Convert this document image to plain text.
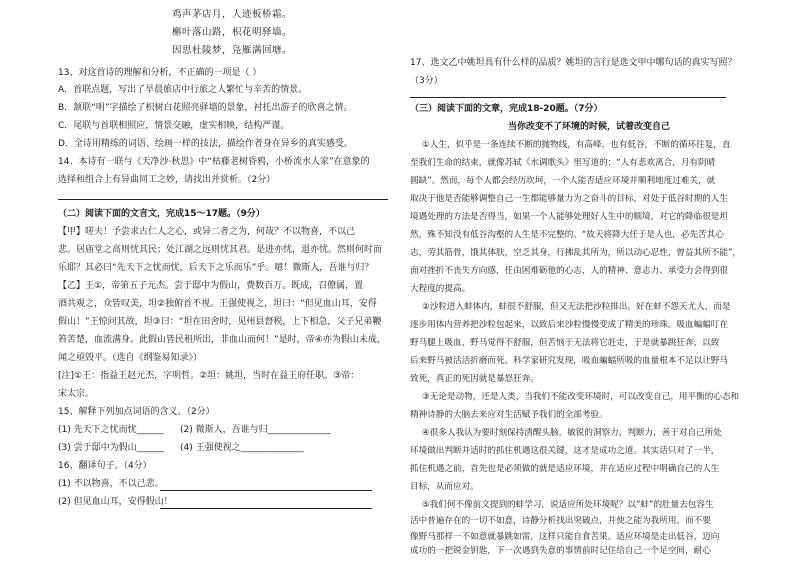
鸡声茅店月，人迹板桥霜。
槲叶落山路，枳花明驿墙。
因思杜陵梦，凫雁满回塘。
13、对这首诗的理解和分析，不正确的一项是（ ）
A．首联点题，写出了旱晨旅店中行旅之人繁忙与辛苦的情景。
B．颔联“明”字描绘了枳树白花照亮驿墙的景象，衬托出游子的欣喜之情。
C．尾联与首联相照应，情景交融，虚实相映，结构严谨。
D．全诗用精练的词语、绘画一样的技法，描绘作者身在异乡的真实感受。
14、本诗有一联与《天净沙·秋思》中“枯藤老树昏鸦，小桥流水人家”在意象的
选择和组合上有异曲同工之妙，请找出并赏析。（2分）
（二）阅读下面的文言文，完成15～17题。（9分）
【甲】嗟夫！予尝求古仁人之心，或异二者之为，何哉？不以物喜，不以己
悲。居庙堂之高则忧其民；处江湖之远则忧其君。是进亦忧，退亦忧。然则何时而
乐耶？其必曰“先天下之忧而忧，后天下之乐而乐”乎。噫！微斯人，吾谁与归？
【乙】王①，帝第五子元杰。尝于邸中为假山，费数百万。既成，召僚属，置
酒共观之，众皆叹美，坦②独俯首不视。王强使视之，坦曰：“但见血山耳，安得
假山！”王惊问其故，坦③曰：“坦在田舍时，见州县督税，上下相急，父子兄弟鞭
笞苦楚，血流满身。此假山皆民租所出，非血山而何！”是时，帝④亦为假山未成，
闻之亟毁平。（选自《纲鉴易知录》）
[注]①王：指益王赵元杰，字明哲。②坦：姚坦，当时在益王府任职。③帝：
宋太宗。
15、解释下列加点词语的含义。（2分）
(1) 先天下之忧而忧______ (2) 微斯人，吾谁与归______________
(3) 尝于邸中为假山______ (4) 王强使视之______________
16、翻译句子。（4分）
(1) 不以物喜，不以己悲。
(2) 但见血山耳，安得假山！
17、选文乙中姚坦具有什么样的品质？姚坦的言行是选文甲中哪句话的真实写照？
（3分）
（三）阅读下面的文章，完成18-20题。（7分）
当你改变不了环境的时候，试着改变自己
①人生，似乎是一条连续不断的抛物线，有高峰，也有低谷，不断的循环往复，直
至我们生命的结束，就像苏轼《水调歌头》里写道的：“人有悲欢离合，月有阴晴
圆缺”。然而，每个人都会经历坎坷，一个人能否适应环境并顺利地度过难关，就
取决于他是否能够调整自己一生都能够量力为之奋斗的目标，对处于低谷时期的人生
境遇处理的方法是否得当，如果一个人能够处理好人生中的顺境，对它的降临很是坦
然，殊不知没有低谷沟壑的人生是不完整的。“故天将降大任于是人也，必先苦其心
志，劳其筋骨，饿其体肤，空乏其身，行拂乱其所为，所以动心忍性，曾益其所不能”，
面对挫折不丧失方向感，任由困难砺他的心志，人的精神、意志力、承受力会得到很
大程度的提高。
②沙粒进入蚌体内，蚌很不舒服，但又无法把沙粒排出。好在蚌不怨天尤人，而是
逐步用体内营养把沙粒包起来，以致后来沙粒慢慢变成了精美的珍珠。吸血蝙蝠叮在
野马腿上吸血，野马觉得不舒服，但苦恼于无法将它赶走，于是就暴跳狂奔，以致
后来野马被活活折磨而死。科学家研究发现，吸血蝙蝠所吸的血量根本不足以让野马
致死，真正的死因就是暴怒狂奔。
③无论是动物，还是人类，当我们不能改变环境时，可以改变自己，用平衡的心态和
精神诗静的大脑去来应对生活赋予我们的全部考验。
④很多人我认为要时刻保持清醒头脑，敏锐的洞察力，判断力，善于对自己所处
环境做出判断并适时的抓住机遇这很关键，这才是成功之道。其实话只对了一半，
抓住机遇之前，首先也是必须做的就是适应环境，并在适应过程中明确自己的人生
目标，从而应对。
⑤我们何不像前文提到的蚌学习，说适应所处环境呢？以“蚌”的肚量去包容生
活中普遍存在的一切不如意，诗静分析找出突破点，并使之能为我所用。而不要
像野马那样一不如意就暴跳如雷，这样只能自食苦果。适应环境是走出低谷，迈向
成功的一把锐金钥匙，下一次遇到失意的事情前时记住给自己一个足空间，耐心
